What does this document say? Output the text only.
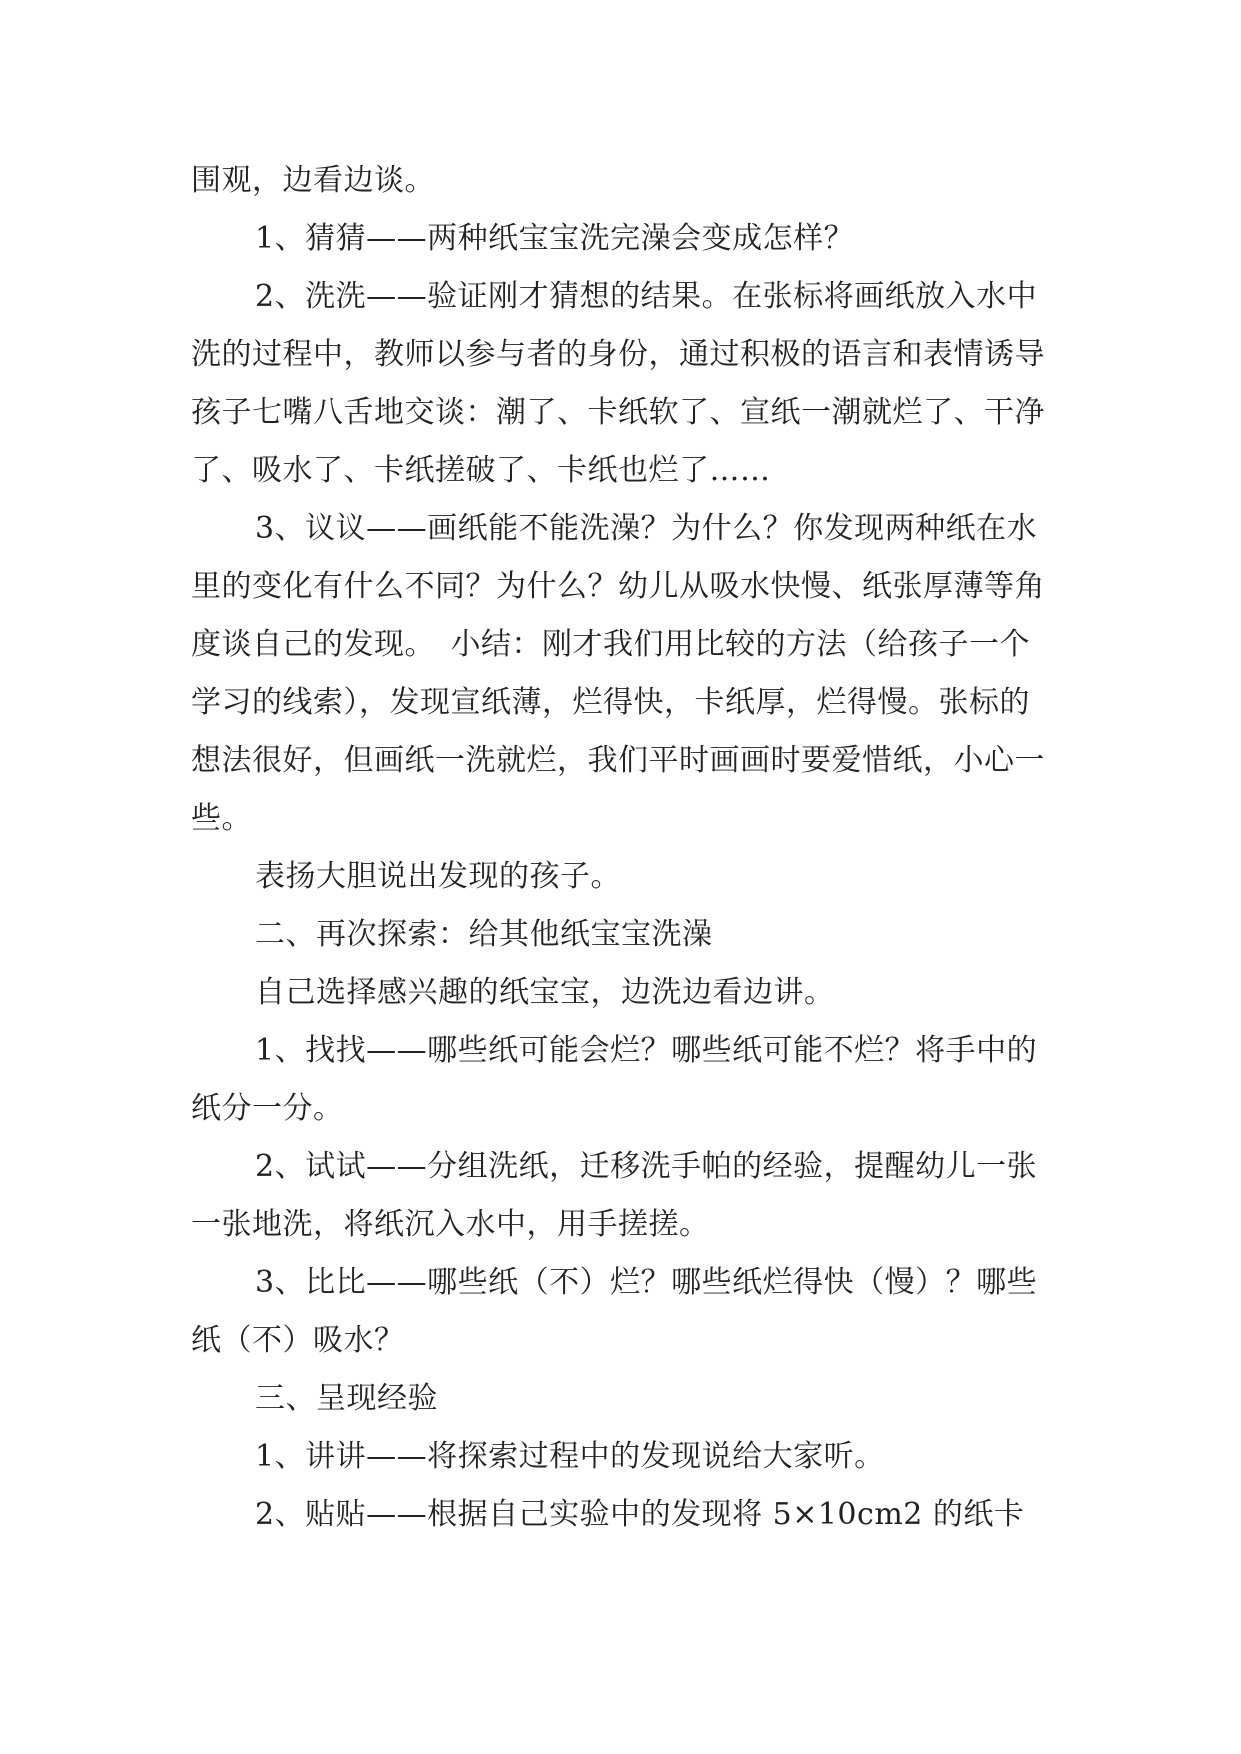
围观，边看边谈。

1、猜猜——两种纸宝宝洗完澡会变成怎样？

2、洗洗——验证刚才猜想的结果。在张标将画纸放入水中洗的过程中，教师以参与者的身份，通过积极的语言和表情诱导孩子七嘴八舌地交谈：潮了、卡纸软了、宣纸一潮就烂了、干净了、吸水了、卡纸搓破了、卡纸也烂了……

3、议议——画纸能不能洗澡？为什么？你发现两种纸在水里的变化有什么不同？为什么？幼儿从吸水快慢、纸张厚薄等角度谈自己的发现。　小结：刚才我们用比较的方法（给孩子一个学习的线索），发现宣纸薄，烂得快，卡纸厚，烂得慢。张标的想法很好，但画纸一洗就烂，我们平时画画时要爱惜纸，小心一些。

表扬大胆说出发现的孩子。

二、再次探索：给其他纸宝宝洗澡

自己选择感兴趣的纸宝宝，边洗边看边讲。

1、找找——哪些纸可能会烂？哪些纸可能不烂？将手中的纸分一分。

2、试试——分组洗纸，迁移洗手帕的经验，提醒幼儿一张一张地洗，将纸沉入水中，用手搓搓。

3、比比——哪些纸（不）烂？哪些纸烂得快（慢）？哪些纸（不）吸水？

三、呈现经验

1、讲讲——将探索过程中的发现说给大家听。

2、贴贴——根据自己实验中的发现将 5×10cm2 的纸卡
